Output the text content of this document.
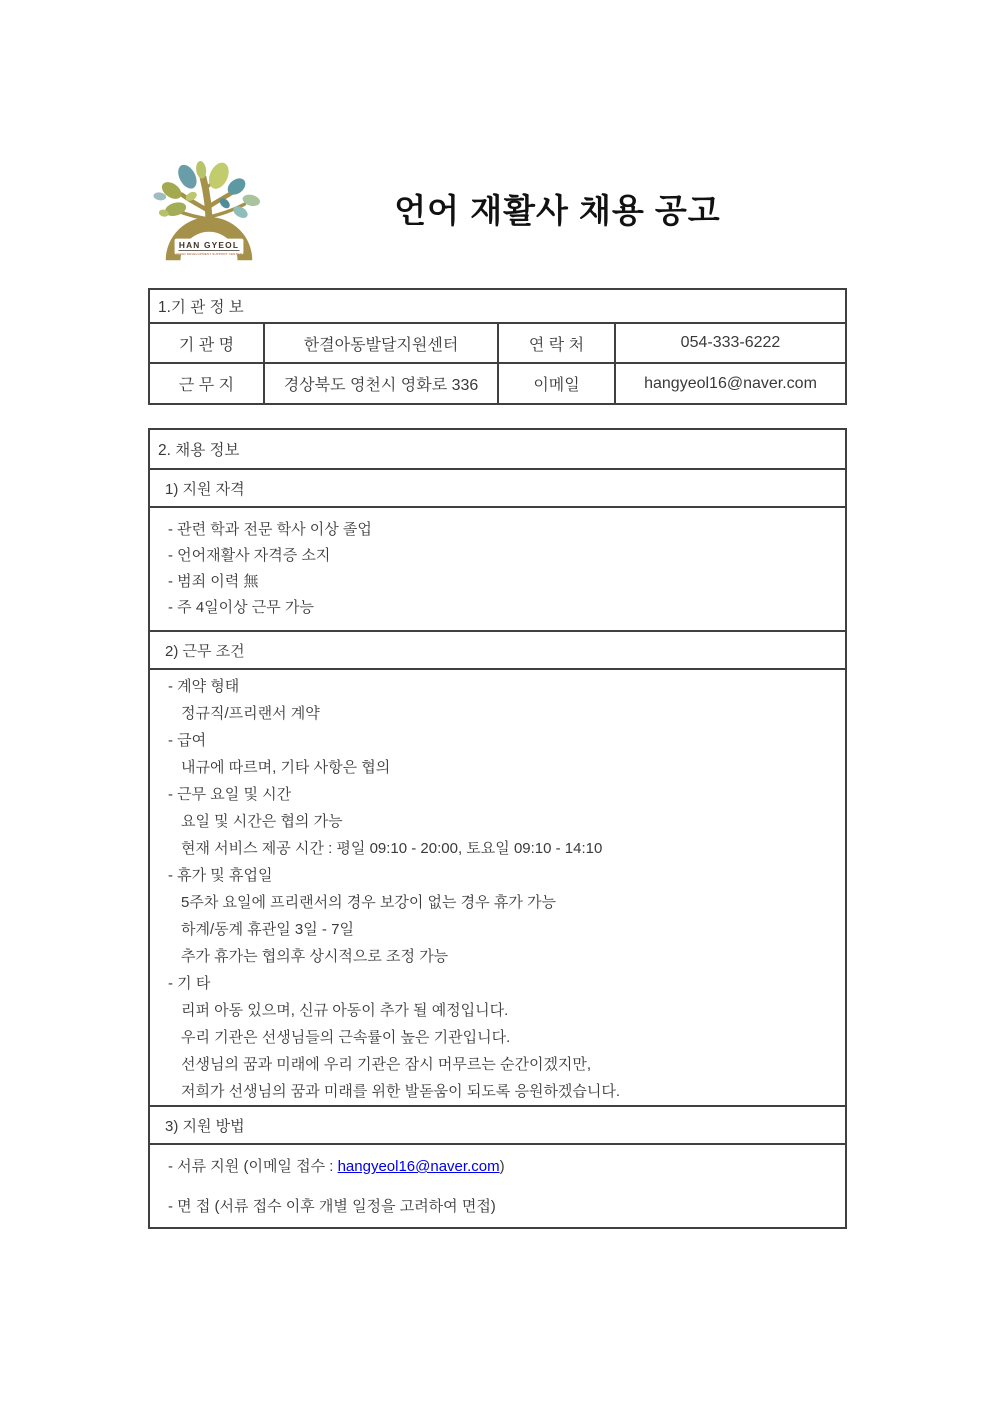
HAN GYEOL
CHILD DEVELOPMENT SUPPORT CENTER
언어 재활사 채용 공고
1.기 관 정 보			
기 관 명	한결아동발달지원센터	연 락 처	054-333-6222
근 무 지	경상북도 영천시 영화로 336	이메일	hangyeol16@naver.com
2. 채용 정보
1) 지원 자격

- 관련 학과 전문 학사 이상 졸업
- 언어재활사 자격증 소지
- 범죄 이력 無
- 주 4일이상 근무 가능

2) 근무 조건

- 계약 형태
정규직/프리랜서 계약
- 급여
내규에 따르며, 기타 사항은 협의
- 근무 요일 및 시간
요일 및 시간은 협의 가능
현재 서비스 제공 시간 : 평일 09:10 - 20:00, 토요일 09:10 - 14:10
- 휴가 및 휴업일
5주차 요일에 프리랜서의 경우 보강이 없는 경우 휴가 가능
하계/동계 휴관일 3일 - 7일
추가 휴가는 협의후 상시적으로 조정 가능
- 기 타
리퍼 아동 있으며, 신규 아동이 추가 될 예정입니다.
우리 기관은 선생님들의 근속률이 높은 기관입니다.
선생님의 꿈과 미래에 우리 기관은 잠시 머무르는 순간이겠지만,
저희가 선생님의 꿈과 미래를 위한 발돋움이 되도록 응원하겠습니다.

3) 지원 방법

- 서류 지원 (이메일 접수 : hangyeol16@naver.com)
- 면 접 (서류 접수 이후 개별 일정을 고려하여 면접)
